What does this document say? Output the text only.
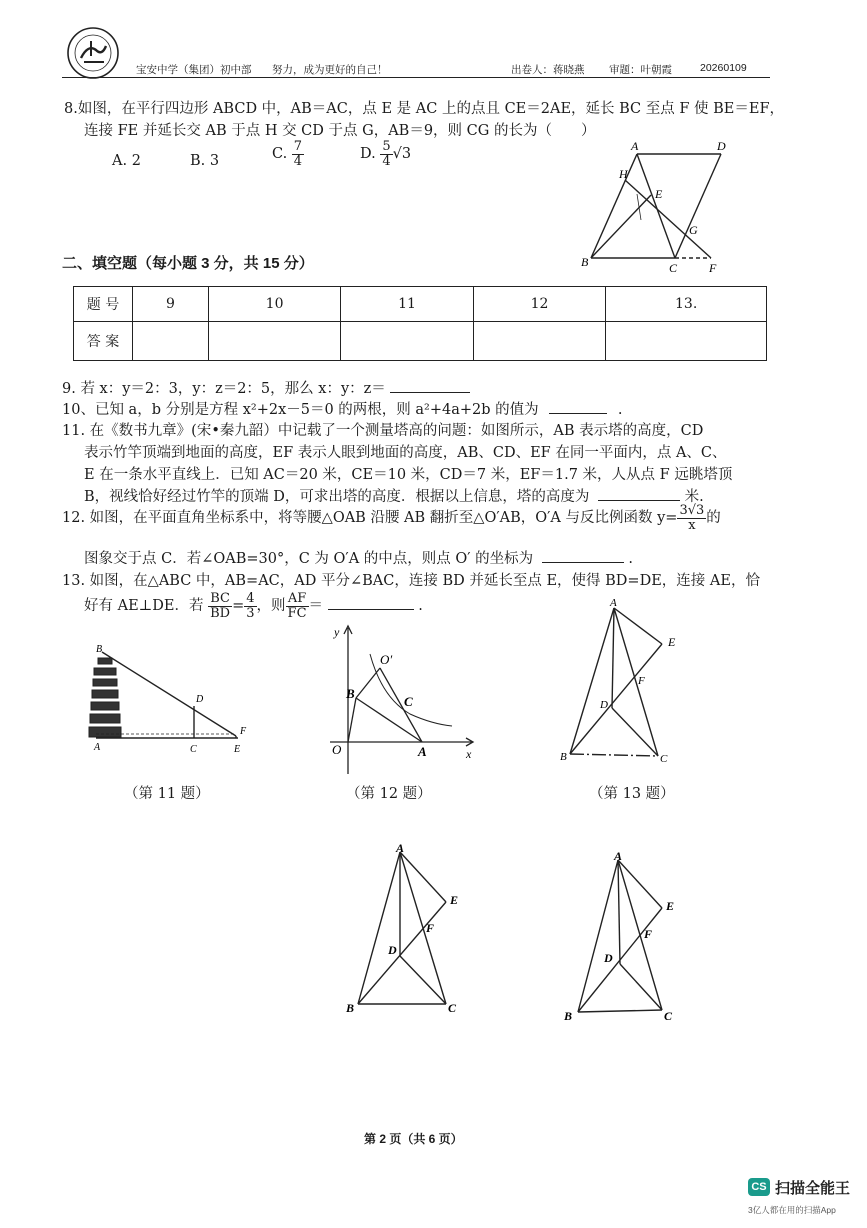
宝安中学（集团）初中部 努力，成为更好的自己！	出卷人：蒋晓燕 审题：叶朝霞	20260109
8.如图，在平行四边形 ABCD 中，AB＝AC，点 E 是 AC 上的点且 CE＝2AE，延长 BC 至点 F 使 BE＝EF，
连接 FE 并延长交 AB 于点 H 交 CD 于点 G，AB＝9，则 CG 的长为（　　）
A. 2	B. 3	C. $\frac{7}{4}$	D. $\frac{5}{4} √3$
A	D
H
E
G
B	C	F
二、填空题（每小题 3 分，共 15 分）
题 号	9	10	11	12	13.
答 案					
9. 若 x：y＝2：3，y：z＝2：5，那么 x：y：z＝
10、已知 a，b 分别是方程 x²+2x－5＝0 的两根，则 a²+4a+2b 的值为	.
11. 在《数书九章》(宋•秦九韶）中记载了一个测量塔高的问题：如图所示，AB 表示塔的高度，CD
表示竹竿顶端到地面的高度，EF 表示人眼到地面的高度，AB、CD、EF 在同一平面内，点 A、C、
E 在一条水平直线上．已知 AC＝20 米，CE＝10 米，CD＝7 米，EF＝1.7 米，人从点 F 远眺塔顶
B，视线恰好经过竹竿的顶端 D，可求出塔的高度．根据以上信息，塔的高度为	米.
12. 如图，在平面直角坐标系中，将等腰△OAB 沿腰 AB 翻折至△O′AB，O′A 与反比例函数 $y= \frac{3√3}{x}$ 的
图象交于点 C．若∠OAB=30°，C 为 O′A 的中点，则点 O′ 的坐标为	.
13. 如图，在△ABC 中，AB=AC，AD 平分∠BAC，连接 BD 并延长至点 E，使得 BD=DE，连接 AE，恰
好有 AE⊥DE．若 $\frac{BC}{BD} = \frac{4}{3}$ ，则 $\frac{AF}{FC}$ ＝	.
B
D
F
A	C	E
（第 11 题）
y
x
O	A
B
C
O′
（第 12 题）
A
E
F
D
B	C
（第 13 题）
A
E
F
D
B	C
A
E
F
D
B	C
第 2 页（共 6 页）
CS 扫描全能王
3亿人都在用的扫描App
